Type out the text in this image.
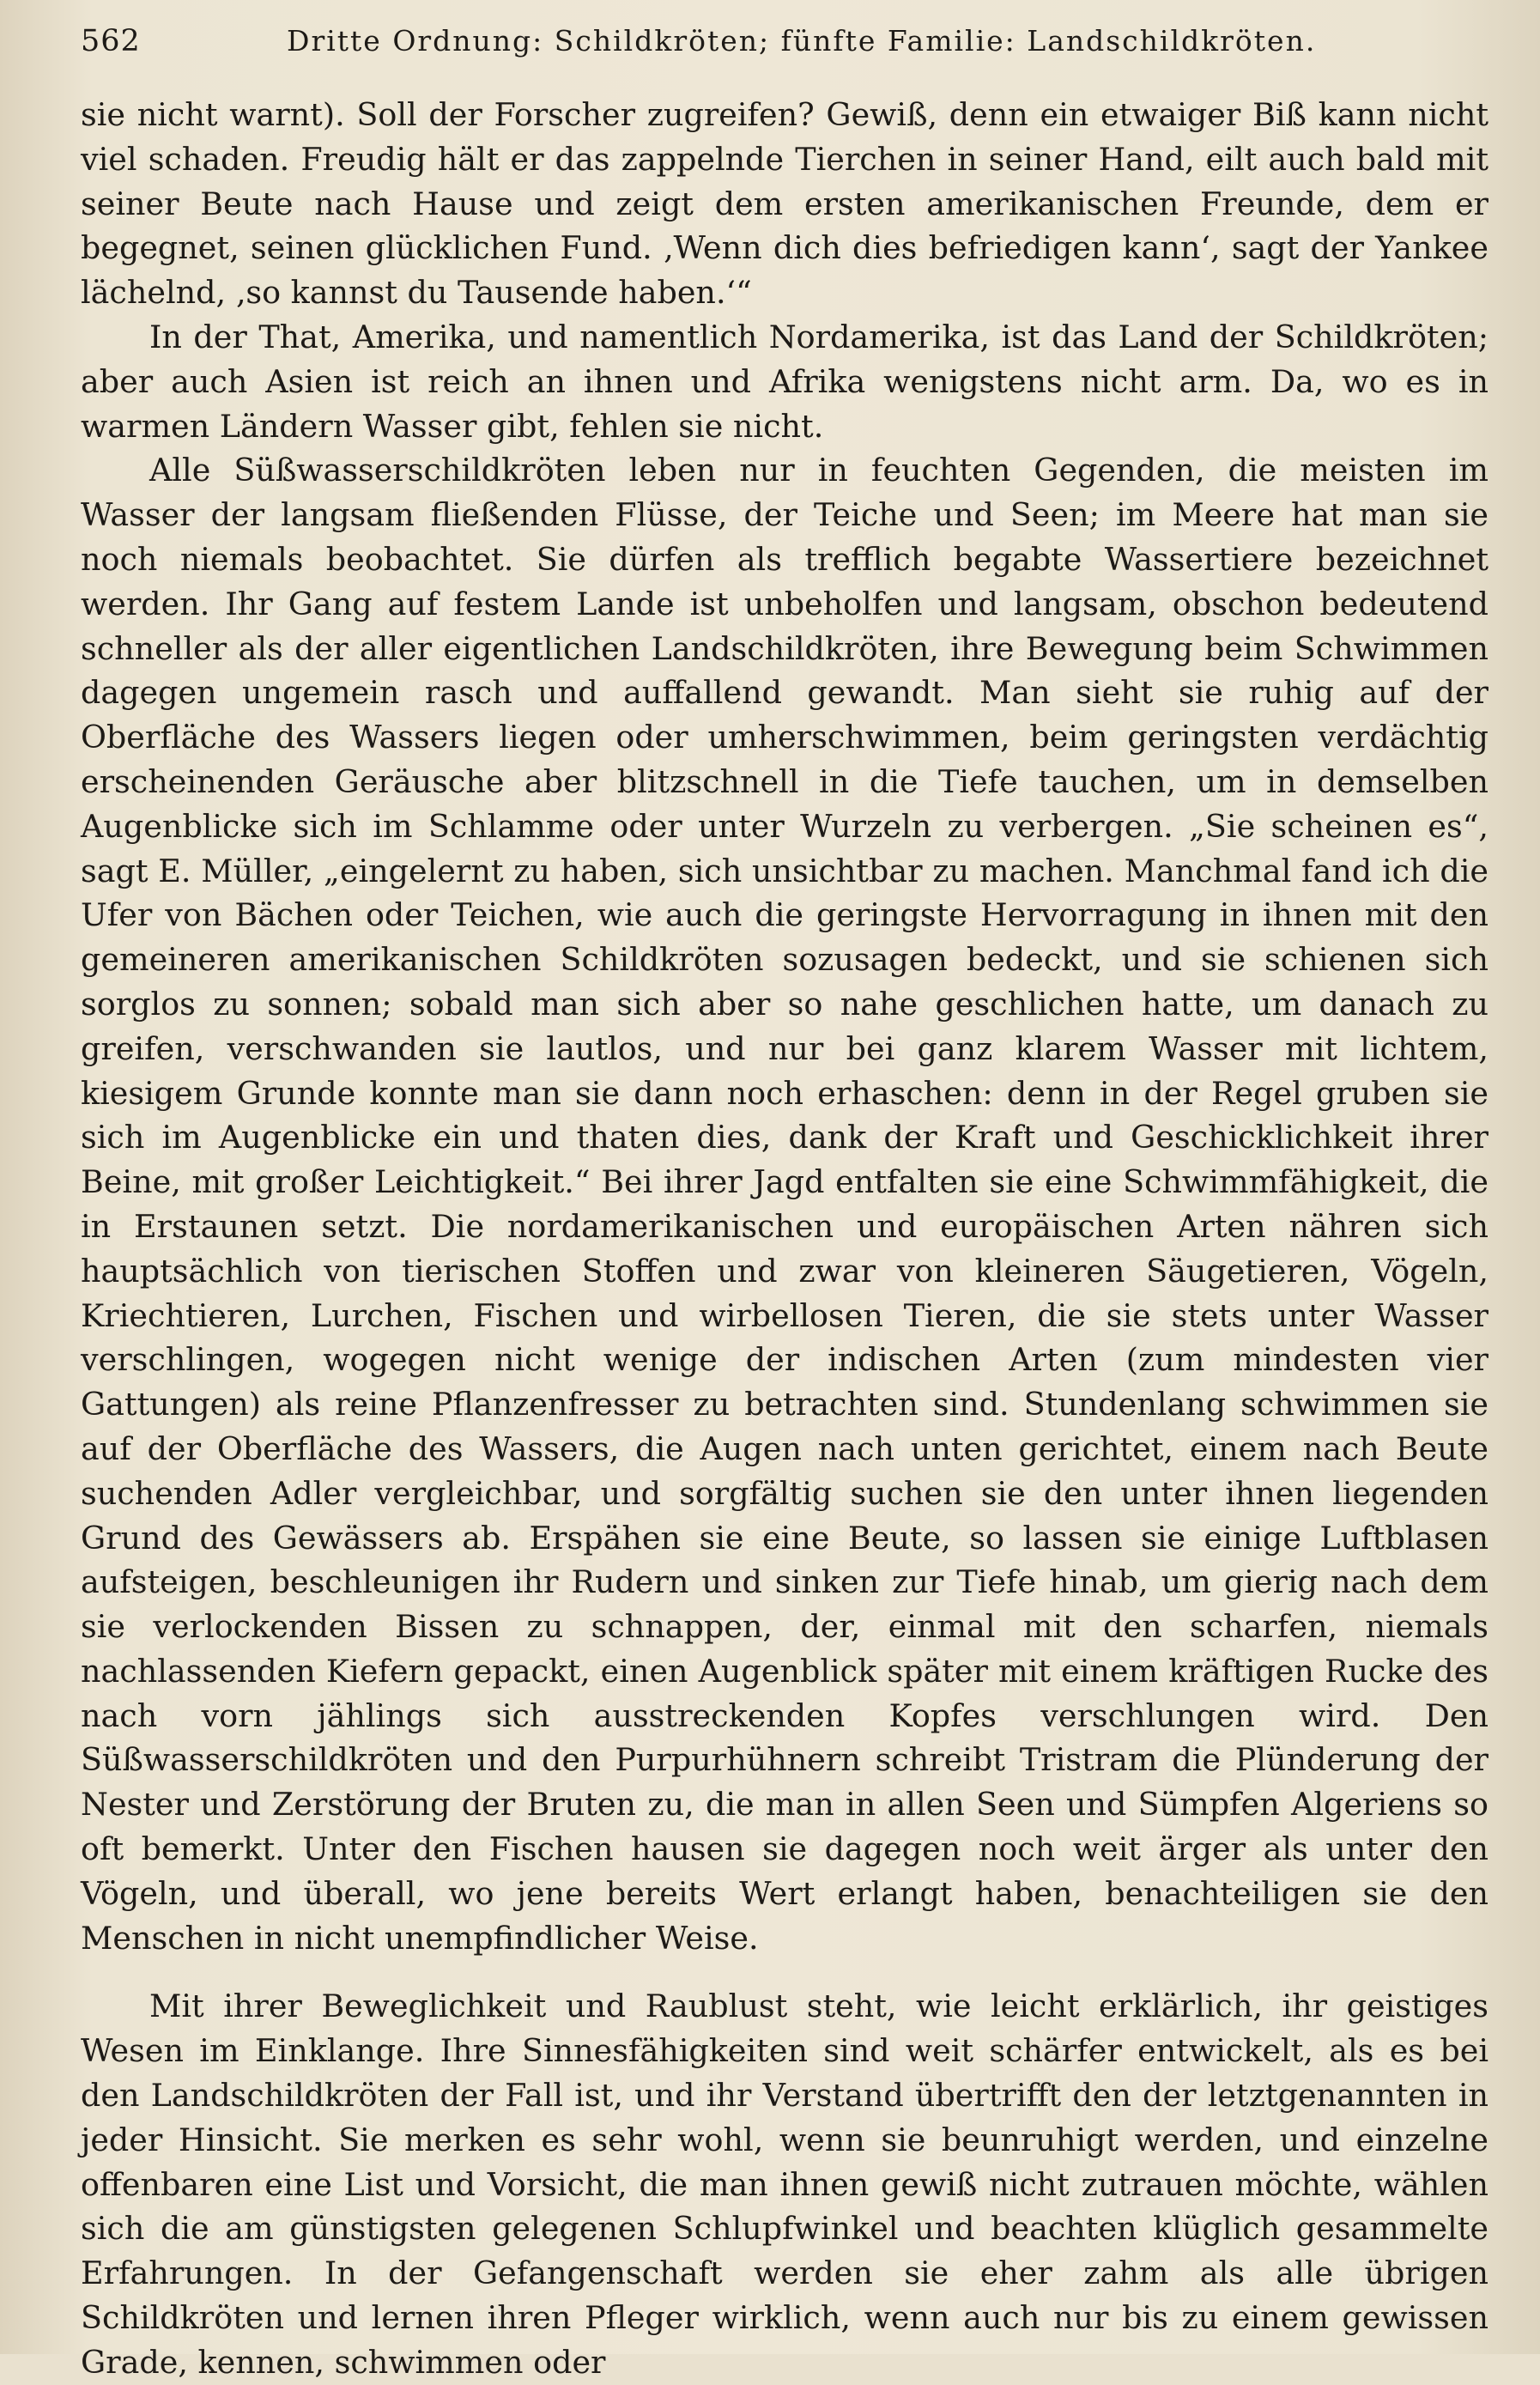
562	Dritte Ordnung: Schildkröten; fünfte Familie: Landschildkröten.

sie nicht warnt). Soll der Forscher zugreifen? Gewiß, denn ein etwaiger Biß kann nicht viel schaden. Freudig hält er das zappelnde Tierchen in seiner Hand, eilt auch bald mit seiner Beute nach Hause und zeigt dem ersten amerikanischen Freunde, dem er begegnet, seinen glücklichen Fund. ‚Wenn dich dies befriedigen kann‘, sagt der Yankee lächelnd, ‚so kannst du Tausende haben.‘“

In der That, Amerika, und namentlich Nordamerika, ist das Land der Schildkröten; aber auch Asien ist reich an ihnen und Afrika wenigstens nicht arm. Da, wo es in warmen Ländern Wasser gibt, fehlen sie nicht.

Alle Süßwasserschildkröten leben nur in feuchten Gegenden, die meisten im Wasser der langsam fließenden Flüsse, der Teiche und Seen; im Meere hat man sie noch niemals beobachtet. Sie dürfen als trefflich begabte Wassertiere bezeichnet werden. Ihr Gang auf festem Lande ist unbeholfen und langsam, obschon bedeutend schneller als der aller eigentlichen Landschildkröten, ihre Bewegung beim Schwimmen dagegen ungemein rasch und auffallend gewandt. Man sieht sie ruhig auf der Oberfläche des Wassers liegen oder umherschwimmen, beim geringsten verdächtig erscheinenden Geräusche aber blitzschnell in die Tiefe tauchen, um in demselben Augenblicke sich im Schlamme oder unter Wurzeln zu verbergen. „Sie scheinen es“, sagt E. Müller, „eingelernt zu haben, sich unsichtbar zu machen. Manchmal fand ich die Ufer von Bächen oder Teichen, wie auch die geringste Hervorragung in ihnen mit den gemeineren amerikanischen Schildkröten sozusagen bedeckt, und sie schienen sich sorglos zu sonnen; sobald man sich aber so nahe geschlichen hatte, um danach zu greifen, verschwanden sie lautlos, und nur bei ganz klarem Wasser mit lichtem, kiesigem Grunde konnte man sie dann noch erhaschen: denn in der Regel gruben sie sich im Augenblicke ein und thaten dies, dank der Kraft und Geschicklichkeit ihrer Beine, mit großer Leichtigkeit.“ Bei ihrer Jagd entfalten sie eine Schwimmfähigkeit, die in Erstaunen setzt. Die nordamerikanischen und europäischen Arten nähren sich hauptsächlich von tierischen Stoffen und zwar von kleineren Säugetieren, Vögeln, Kriechtieren, Lurchen, Fischen und wirbellosen Tieren, die sie stets unter Wasser verschlingen, wogegen nicht wenige der indischen Arten (zum mindesten vier Gattungen) als reine Pflanzenfresser zu betrachten sind. Stundenlang schwimmen sie auf der Oberfläche des Wassers, die Augen nach unten gerichtet, einem nach Beute suchenden Adler vergleichbar, und sorgfältig suchen sie den unter ihnen liegenden Grund des Gewässers ab. Erspähen sie eine Beute, so lassen sie einige Luftblasen aufsteigen, beschleunigen ihr Rudern und sinken zur Tiefe hinab, um gierig nach dem sie verlockenden Bissen zu schnappen, der, einmal mit den scharfen, niemals nachlassenden Kiefern gepackt, einen Augenblick später mit einem kräftigen Rucke des nach vorn jählings sich ausstreckenden Kopfes verschlungen wird. Den Süßwasserschildkröten und den Purpurhühnern schreibt Tristram die Plünderung der Nester und Zerstörung der Bruten zu, die man in allen Seen und Sümpfen Algeriens so oft bemerkt. Unter den Fischen hausen sie dagegen noch weit ärger als unter den Vögeln, und überall, wo jene bereits Wert erlangt haben, benachteiligen sie den Menschen in nicht unempfindlicher Weise.

Mit ihrer Beweglichkeit und Raublust steht, wie leicht erklärlich, ihr geistiges Wesen im Einklange. Ihre Sinnesfähigkeiten sind weit schärfer entwickelt, als es bei den Landschildkröten der Fall ist, und ihr Verstand übertrifft den der letztgenannten in jeder Hinsicht. Sie merken es sehr wohl, wenn sie beunruhigt werden, und einzelne offenbaren eine List und Vorsicht, die man ihnen gewiß nicht zutrauen möchte, wählen sich die am günstigsten gelegenen Schlupfwinkel und beachten klüglich gesammelte Erfahrungen. In der Gefangenschaft werden sie eher zahm als alle übrigen Schildkröten und lernen ihren Pfleger wirklich, wenn auch nur bis zu einem gewissen Grade, kennen, schwimmen oder
